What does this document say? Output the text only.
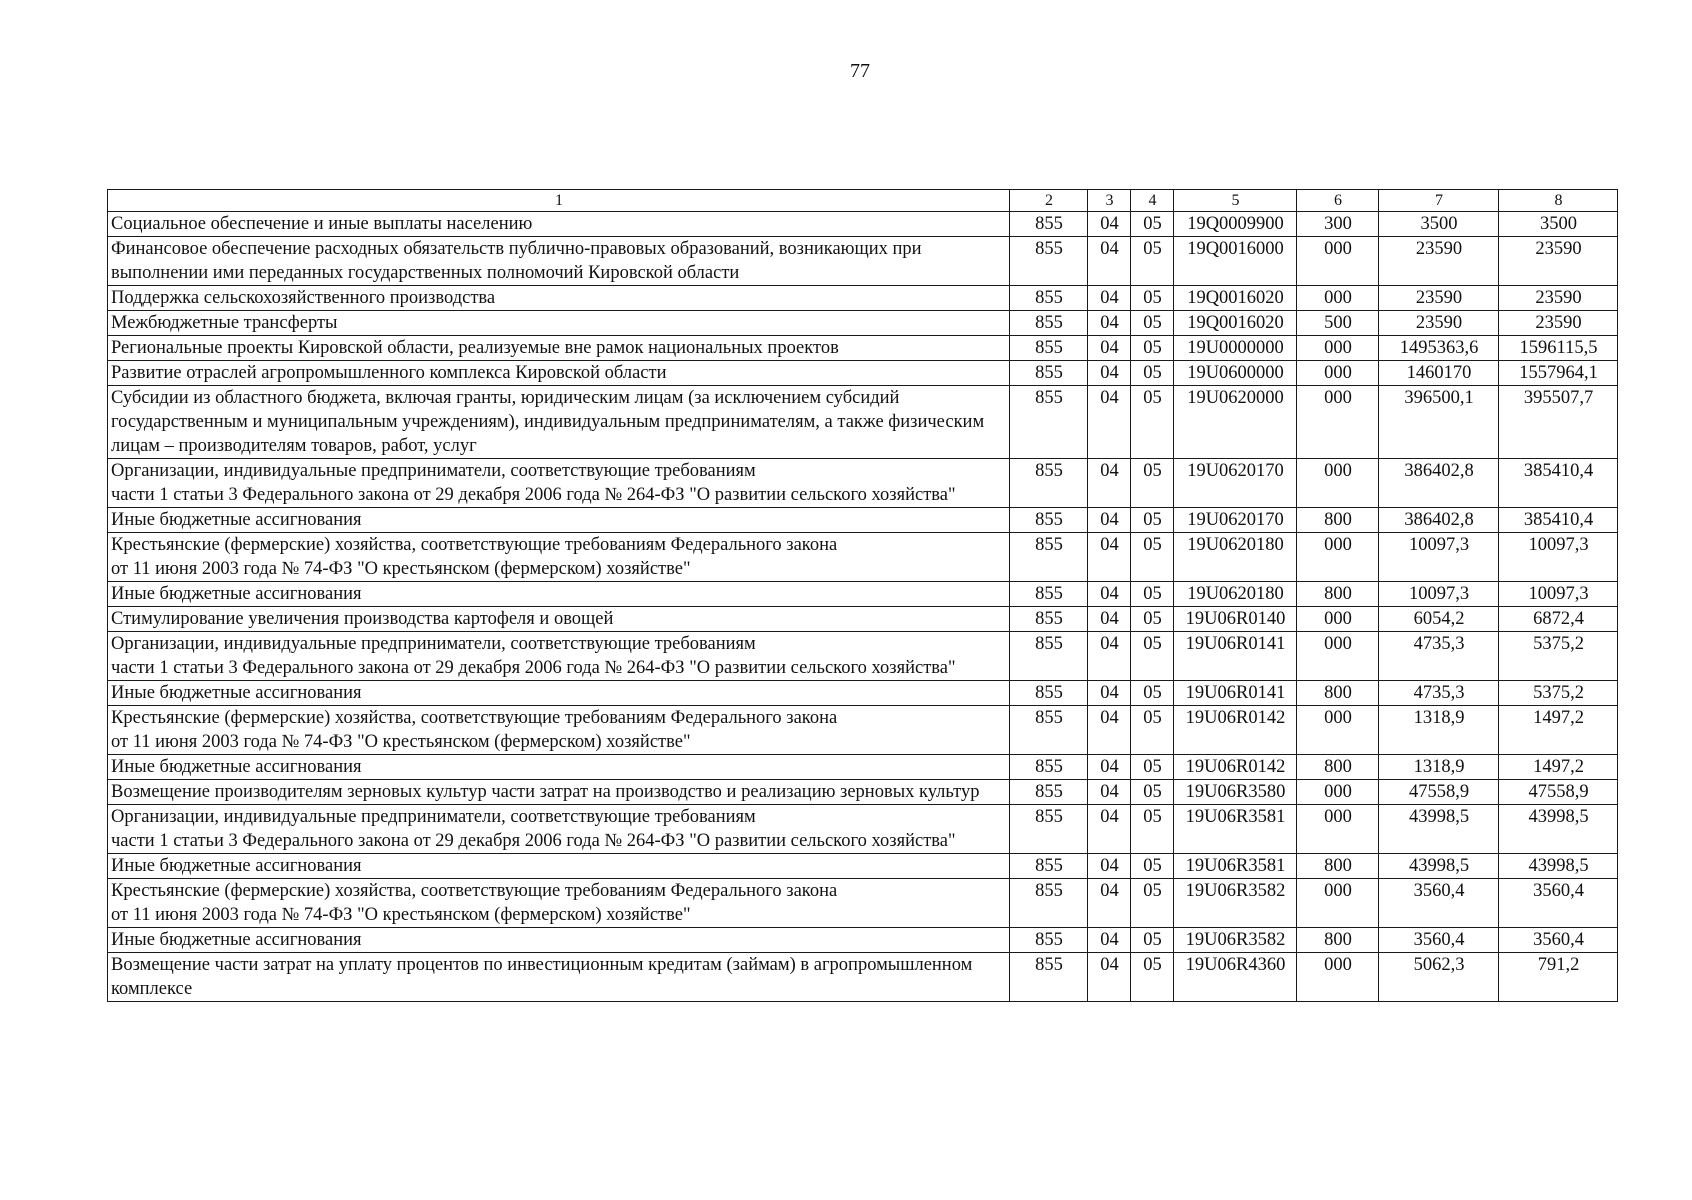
77
1	2	3	4	5	6	7	8
Социальное обеспечение и иные выплаты населению	855	04	05	19Q0009900	300	3500	3500
Финансовое обеспечение расходных обязательств публично-правовых образований, возникающих при выполнении ими переданных государственных полномочий Кировской области	855	04	05	19Q0016000	000	23590	23590
Поддержка сельскохозяйственного производства	855	04	05	19Q0016020	000	23590	23590
Межбюджетные трансферты	855	04	05	19Q0016020	500	23590	23590
Региональные проекты Кировской области, реализуемые вне рамок национальных проектов	855	04	05	19U0000000	000	1495363,6	1596115,5
Развитие отраслей агропромышленного комплекса Кировской области	855	04	05	19U0600000	000	1460170	1557964,1
Субсидии из областного бюджета, включая гранты, юридическим лицам (за исключением субсидий государственным и муниципальным учреждениям), индивидуальным предпринимателям, а также физическим лицам – производителям товаров, работ, услуг	855	04	05	19U0620000	000	396500,1	395507,7
Организации, индивидуальные предприниматели, соответствующие требованиям
части 1 статьи 3 Федерального закона от 29 декабря 2006 года № 264-ФЗ "О развитии сельского хозяйства"	855	04	05	19U0620170	000	386402,8	385410,4
Иные бюджетные ассигнования	855	04	05	19U0620170	800	386402,8	385410,4
Крестьянские (фермерские) хозяйства, соответствующие требованиям Федерального закона
от 11 июня 2003 года № 74-ФЗ "О крестьянском (фермерском) хозяйстве"	855	04	05	19U0620180	000	10097,3	10097,3
Иные бюджетные ассигнования	855	04	05	19U0620180	800	10097,3	10097,3
Стимулирование увеличения производства картофеля и овощей	855	04	05	19U06R0140	000	6054,2	6872,4
Организации, индивидуальные предприниматели, соответствующие требованиям
части 1 статьи 3 Федерального закона от 29 декабря 2006 года № 264-ФЗ "О развитии сельского хозяйства"	855	04	05	19U06R0141	000	4735,3	5375,2
Иные бюджетные ассигнования	855	04	05	19U06R0141	800	4735,3	5375,2
Крестьянские (фермерские) хозяйства, соответствующие требованиям Федерального закона
от 11 июня 2003 года № 74-ФЗ "О крестьянском (фермерском) хозяйстве"	855	04	05	19U06R0142	000	1318,9	1497,2
Иные бюджетные ассигнования	855	04	05	19U06R0142	800	1318,9	1497,2
Возмещение производителям зерновых культур части затрат на производство и реализацию зерновых культур	855	04	05	19U06R3580	000	47558,9	47558,9
Организации, индивидуальные предприниматели, соответствующие требованиям
части 1 статьи 3 Федерального закона от 29 декабря 2006 года № 264-ФЗ "О развитии сельского хозяйства"	855	04	05	19U06R3581	000	43998,5	43998,5
Иные бюджетные ассигнования	855	04	05	19U06R3581	800	43998,5	43998,5
Крестьянские (фермерские) хозяйства, соответствующие требованиям Федерального закона
от 11 июня 2003 года № 74-ФЗ "О крестьянском (фермерском) хозяйстве"	855	04	05	19U06R3582	000	3560,4	3560,4
Иные бюджетные ассигнования	855	04	05	19U06R3582	800	3560,4	3560,4
Возмещение части затрат на уплату процентов по инвестиционным кредитам (займам) в агропромышленном комплексе	855	04	05	19U06R4360	000	5062,3	791,2
